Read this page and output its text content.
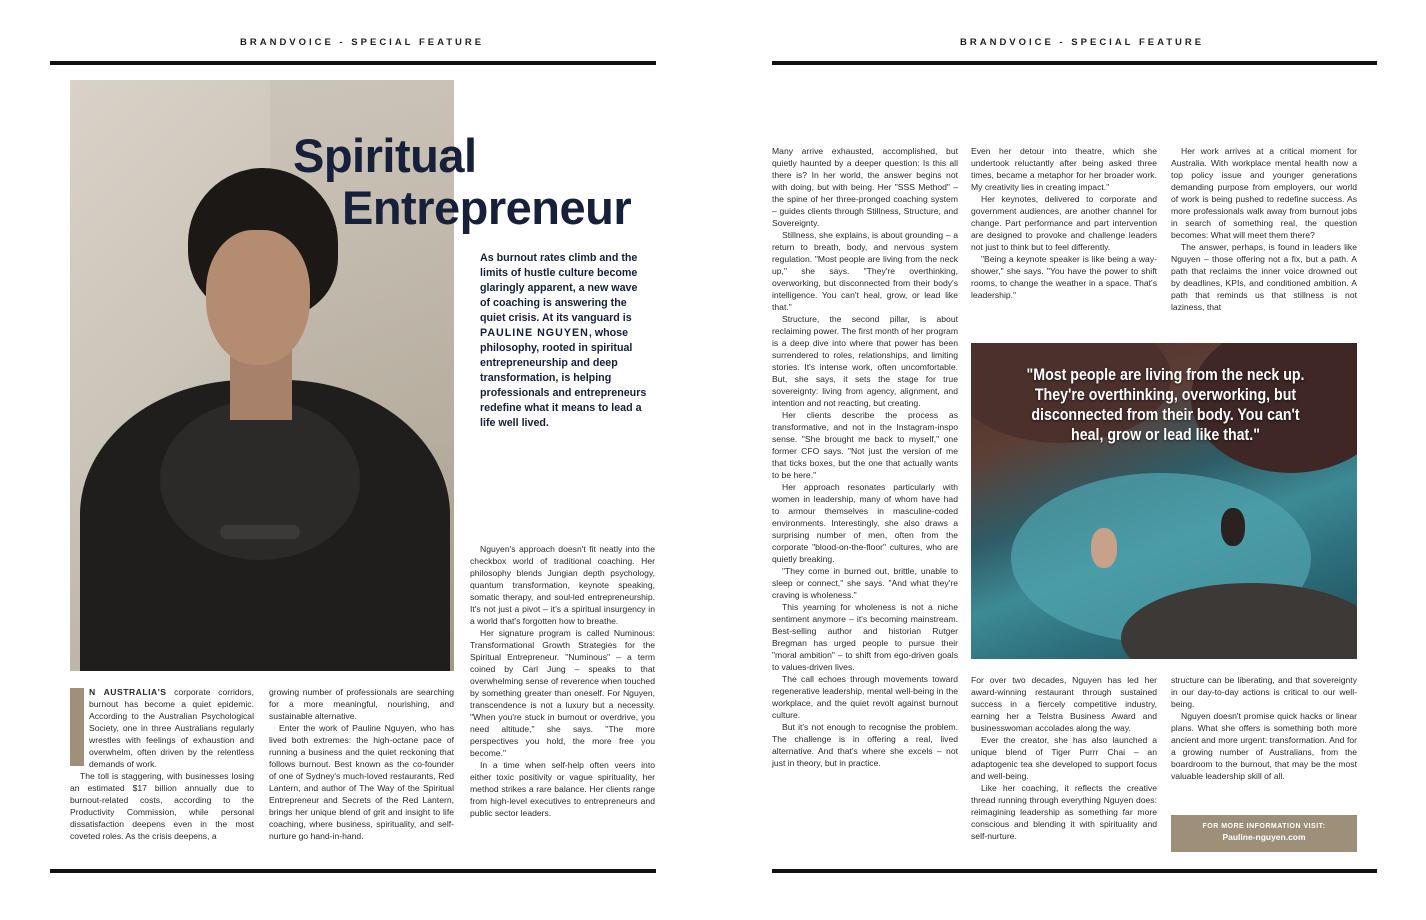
BRANDVOICE - SPECIAL FEATURE
Spiritual
Entrepreneur
As burnout rates climb and the limits of hustle culture become glaringly apparent, a new wave of coaching is answering the quiet crisis. At its vanguard is PAULINE NGUYEN, whose philosophy, rooted in spiritual entrepreneurship and deep transformation, is helping professionals and entrepreneurs redefine what it means to lead a life well lived.

N AUSTRALIA'S corporate corridors, burnout has become a quiet epidemic. According to the Australian Psychological Society, one in three Australians regularly wrestles with feelings of exhaustion and overwhelm, often driven by the relentless demands of work.

The toll is staggering, with businesses losing an estimated $17 billion annually due to burnout-related costs, according to the Productivity Commission, while personal dissatisfaction deepens even in the most coveted roles. As the crisis deepens, a

growing number of professionals are searching for a more meaningful, nourishing, and sustainable alternative.

Enter the work of Pauline Nguyen, who has lived both extremes: the high-octane pace of running a business and the quiet reckoning that follows burnout. Best known as the co-founder of one of Sydney's much-loved restaurants, Red Lantern, and author of The Way of the Spiritual Entrepreneur and Secrets of the Red Lantern, brings her unique blend of grit and insight to life coaching, where business, spirituality, and self-nurture go hand-in-hand.

Nguyen's approach doesn't fit neatly into the checkbox world of traditional coaching. Her philosophy blends Jungian depth psychology, quantum transformation, keynote speaking, somatic therapy, and soul-led entrepreneurship. It's not just a pivot – it's a spiritual insurgency in a world that's forgotten how to breathe.

Her signature program is called Numinous: Transformational Growth Strategies for the Spiritual Entrepreneur. "Numinous" – a term coined by Carl Jung – speaks to that overwhelming sense of reverence when touched by something greater than oneself. For Nguyen, transcendence is not a luxury but a necessity. "When you're stuck in burnout or overdrive, you need altitude," she says. "The more perspectives you hold, the more free you become."

In a time when self-help often veers into either toxic positivity or vague spirituality, her method strikes a rare balance. Her clients range from high-level executives to entrepreneurs and public sector leaders.

BRANDVOICE - SPECIAL FEATURE

Many arrive exhausted, accomplished, but quietly haunted by a deeper question: Is this all there is? In her world, the answer begins not with doing, but with being. Her "SSS Method" – the spine of her three-pronged coaching system – guides clients through Stillness, Structure, and Sovereignty.

Stillness, she explains, is about grounding – a return to breath, body, and nervous system regulation. "Most people are living from the neck up," she says. "They're overthinking, overworking, but disconnected from their body's intelligence. You can't heal, grow, or lead like that."

Structure, the second pillar, is about reclaiming power. The first month of her program is a deep dive into where that power has been surrendered to roles, relationships, and limiting stories. It's intense work, often uncomfortable. But, she says, it sets the stage for true sovereignty: living from agency, alignment, and intention and not reacting, but creating.

Her clients describe the process as transformative, and not in the Instagram-inspo sense. "She brought me back to myself," one former CFO says. "Not just the version of me that ticks boxes, but the one that actually wants to be here."

Her approach resonates particularly with women in leadership, many of whom have had to armour themselves in masculine-coded environments. Interestingly, she also draws a surprising number of men, often from the corporate "blood-on-the-floor" cultures, who are quietly breaking.

"They come in burned out, brittle, unable to sleep or connect," she says. "And what they're craving is wholeness."

This yearning for wholeness is not a niche sentiment anymore – it's becoming mainstream. Best-selling author and historian Rutger Bregman has urged people to pursue their "moral ambition" – to shift from ego-driven goals to values-driven lives.

The call echoes through movements toward regenerative leadership, mental well-being in the workplace, and the quiet revolt against burnout culture.

But it's not enough to recognise the problem. The challenge is in offering a real, lived alternative. And that's where she excels – not just in theory, but in practice.

Even her detour into theatre, which she undertook reluctantly after being asked three times, became a metaphor for her broader work. My creativity lies in creating impact."

Her keynotes, delivered to corporate and government audiences, are another channel for change. Part performance and part intervention are designed to provoke and challenge leaders not just to think but to feel differently.

"Being a keynote speaker is like being a way-shower," she says. "You have the power to shift rooms, to change the weather in a space. That's leadership."

Her work arrives at a critical moment for Australia. With workplace mental health now a top policy issue and younger generations demanding purpose from employers, our world of work is being pushed to redefine success. As more professionals walk away from burnout jobs in search of something real, the question becomes: What will meet them there?

The answer, perhaps, is found in leaders like Nguyen – those offering not a fix, but a path. A path that reclaims the inner voice drowned out by deadlines, KPIs, and conditioned ambition. A path that reminds us that stillness is not laziness, that

"Most people are living from the neck up. They're overthinking, overworking, but disconnected from their body. You can't heal, grow or lead like that."

For over two decades, Nguyen has led her award-winning restaurant through sustained success in a fiercely competitive industry, earning her a Telstra Business Award and businesswoman accolades along the way.

Ever the creator, she has also launched a unique blend of Tiger Purrr Chai – an adaptogenic tea she developed to support focus and well-being.

Like her coaching, it reflects the creative thread running through everything Nguyen does: reimagining leadership as something far more conscious and blending it with spirituality and self-nurture.

structure can be liberating, and that sovereignty in our day-to-day actions is critical to our well-being.

Nguyen doesn't promise quick hacks or linear plans. What she offers is something both more ancient and more urgent: transformation. And for a growing number of Australians, from the boardroom to the burnout, that may be the most valuable leadership skill of all.

FOR MORE INFORMATION VISIT:
Pauline-nguyen.com
